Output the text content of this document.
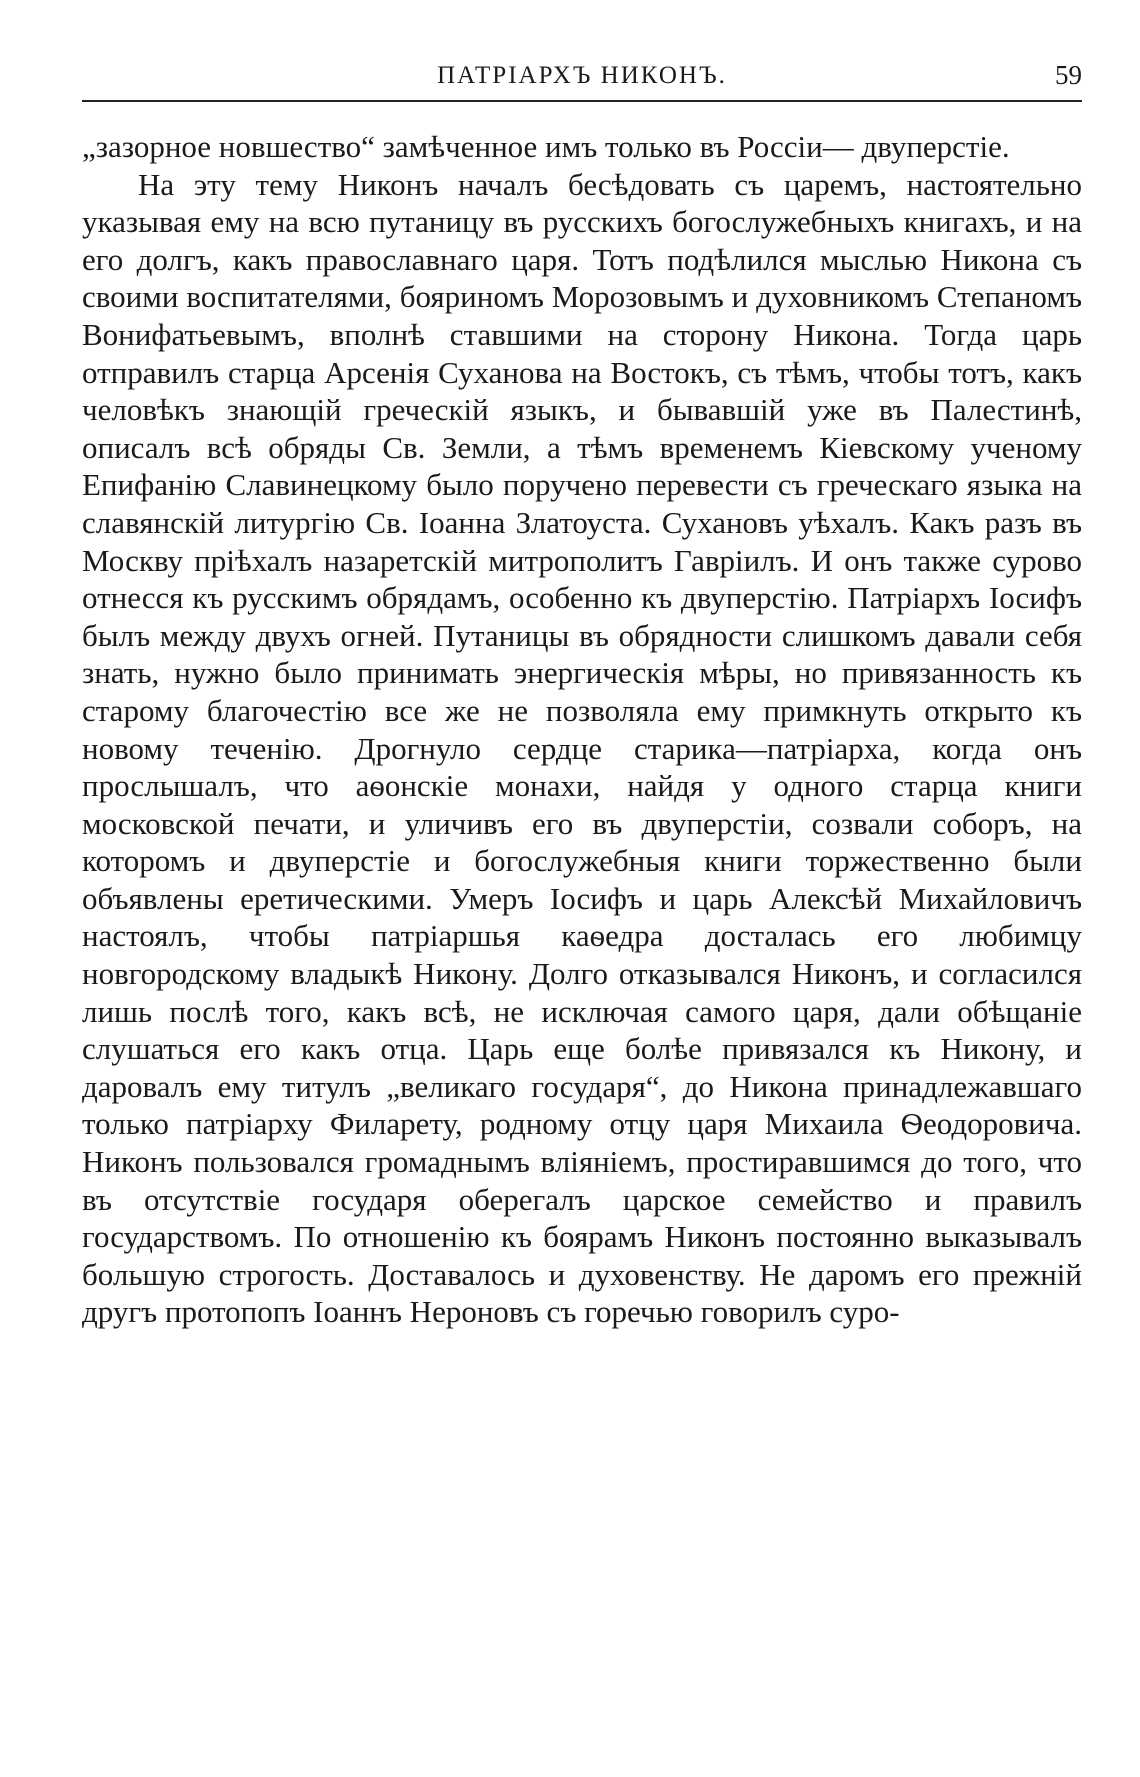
ПАТРІАРХЪ НИКОНЪ.	59

„зазорное новшество“ замѣченное имъ только въ Россіи— двуперстіе.

На эту тему Никонъ началъ бесѣдовать съ царемъ, настоятельно указывая ему на всю путаницу въ русскихъ богослужебныхъ книгахъ, и на его долгъ, какъ православнаго царя. Тотъ подѣлился мыслью Никона съ своими воспитателями, бояриномъ Морозовымъ и духовникомъ Степаномъ Вонифатьевымъ, вполнѣ ставшими на сторону Никона. Тогда царь отправилъ старца Арсенія Суханова на Востокъ, съ тѣмъ, чтобы тотъ, какъ человѣкъ знающій греческій языкъ, и бывавшій уже въ Палестинѣ, описалъ всѣ обряды Св. Земли, а тѣмъ временемъ Кіевскому ученому Епифанію Славинецкому было поручено перевести съ греческаго языка на славянскій литургію Св. Іоанна Златоуста. Сухановъ уѣхалъ. Какъ разъ въ Москву пріѣхалъ назаретскій митрополитъ Гавріилъ. И онъ также сурово отнесся къ русскимъ обрядамъ, особенно къ двуперстію. Патріархъ Іосифъ былъ между двухъ огней. Путаницы въ обрядности слишкомъ давали себя знать, нужно было принимать энергическія мѣры, но привязанность къ старому благочестію все же не позволяла ему примкнуть открыто къ новому теченію. Дрогнуло сердце старика—патріарха, когда онъ прослышалъ, что аѳонскіе монахи, найдя у одного старца книги московской печати, и уличивъ его въ двуперстіи, созвали соборъ, на которомъ и двуперстіе и богослужебныя книги торжественно были объявлены еретическими. Умеръ Іосифъ и царь Алексѣй Михайловичъ настоялъ, чтобы патріаршья каѳедра досталась его любимцу новгородскому владыкѣ Никону. Долго отказывался Никонъ, и согласился лишь послѣ того, какъ всѣ, не исключая самого царя, дали обѣщаніе слушаться его какъ отца. Царь еще болѣе привязался къ Никону, и даровалъ ему титулъ „великаго государя“, до Никона принадлежавшаго только патріарху Филарету, родному отцу царя Михаила Ѳеодоровича. Никонъ пользовался громаднымъ вліяніемъ, простиравшимся до того, что въ отсутствіе государя оберегалъ царское семейство и правилъ государствомъ. По отношенію къ боярамъ Никонъ постоянно выказывалъ большую строгость. Доставалось и духовенству. Не даромъ его прежній другъ протопопъ Іоаннъ Нероновъ съ горечью говорилъ суро-
